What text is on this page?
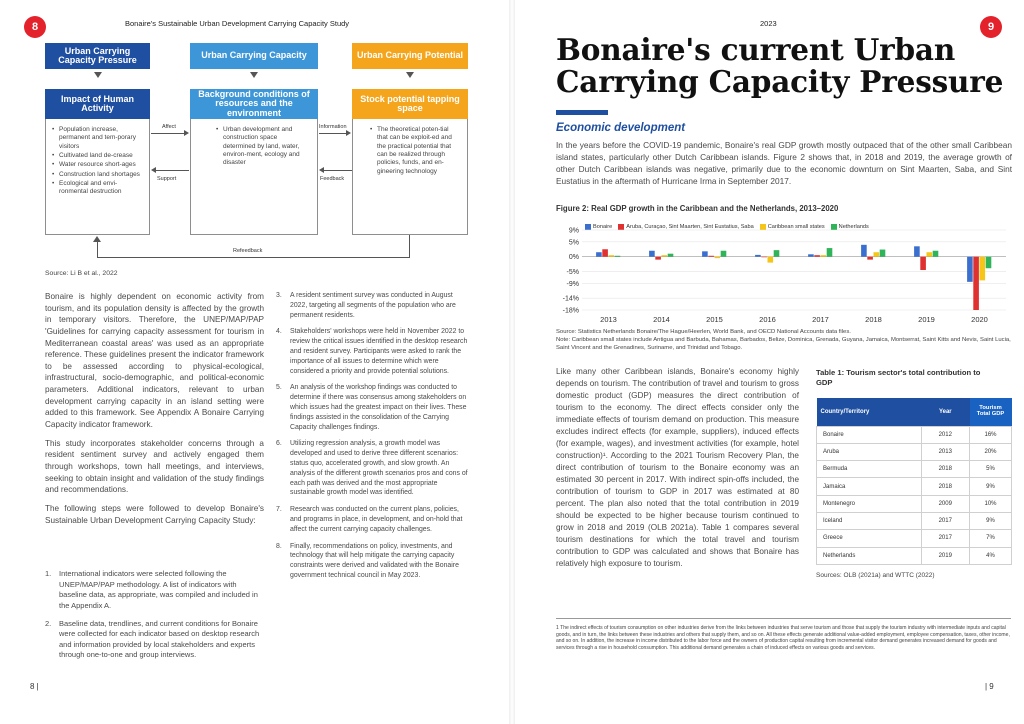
8	Bonaire's Sustainable Urban Development Carrying Capacity Study
Urban Carrying Capacity Pressure	Urban Carrying Capacity	Urban Carrying Potential
Impact of Human Activity
Background conditions of resources and the environment
Stock potential tapping space
• Population increase, permanent and tem-porary visitors
• Cultivated land de-crease
• Water resource short-ages
• Construction land shortages
• Ecological and envi-ronmental destruction
• Urban development and construction space determined by land, water, environ-ment, ecology and disaster
• The theoretical poten-tial that can be exploit-ed and the practical potential that can be realized through policies, funds, and en-gineering technology
Affect
Support
Information
Feedback
Refeedback
Source: Li B et al., 2022

Bonaire is highly dependent on economic activity from tourism, and its population density is affected by the growth in temporary visitors. Therefore, the UNEP/MAP/PAP 'Guidelines for carrying capacity assessment for tourism in Mediterranean coastal areas' was used as an appropriate reference. These guidelines present the indicator framework to be assessed according to physical-ecological, infrastructural, socio-demographic, and political-economic parameters. Additional indicators, relevant to urban development carrying capacity in an island setting were added to this framework. See Appendix A Bonaire Carrying Capacity indicator framework.

This study incorporates stakeholder concerns through a resident sentiment survey and actively engaged them through workshops, town hall meetings, and interviews, seeking to obtain insight and validation of the study findings and recommendations.

The following steps were followed to develop Bonaire's Sustainable Urban Development Carrying Capacity Study:

1. International indicators were selected following the UNEP/MAP/PAP methodology. A list of indicators with baseline data, as appropriate, was compiled and included in the Appendix A.
2. Baseline data, trendlines, and current conditions for Bonaire were collected for each indicator based on desktop research and information provided by local stakeholders and experts through one-to-one and group interviews.
3. A resident sentiment survey was conducted in August 2022, targeting all segments of the population who are permanent residents.
4. Stakeholders' workshops were held in November 2022 to review the critical issues identified in the desktop research and resident survey. Participants were asked to rank the importance of all issues to determine which were considered a priority and provide potential solutions.
5. An analysis of the workshop findings was conducted to determine if there was consensus among stakeholders on which issues had the greatest impact on their lives. These findings assisted in the consolidation of the Carrying Capacity challenges findings.
6. Utilizing regression analysis, a growth model was developed and used to derive three different scenarios: status quo, accelerated growth, and slow growth. An analysis of the different growth scenarios pros and cons of each path was derived and the most appropriate sustainable growth model was identified.
7. Research was conducted on the current plans, policies, and programs in place, in development, and on-hold that affect the current carrying capacity challenges.
8. Finally, recommendations on policy, investments, and technology that will help mitigate the carrying capacity constraints were derived and validated with the Bonaire government technical council in May 2023.
8 |
2023	9
Bonaire's current Urban Carrying Capacity Pressure
Economic development
In the years before the COVID-19 pandemic, Bonaire's real GDP growth mostly outpaced that of the other small Caribbean island states, particularly other Dutch Caribbean islands. Figure 2 shows that, in 2018 and 2019, the average growth of other Dutch Caribbean islands was negative, primarily due to the economic downturn on Sint Maarten, Saba, and Sint Eustatius in the aftermath of Hurricane Irma in September 2017.
Figure 2: Real GDP growth in the Caribbean and the Netherlands, 2013–2020
Bonaire	Aruba, Curaçao, Sint Maarten, Sint Eustatius, Saba	Caribbean small states	Netherlands
9%
5%
0%
-5%
-9%
-14%
-18%
2013	2014	2015	2016	2017	2018	2019	2020
Source: Statistics Netherlands Bonaire/The Hague/Heerlen, World Bank, and OECD National Accounts data files.
Note: Caribbean small states include Antigua and Barbuda, Bahamas, Barbados, Belize, Dominica, Grenada, Guyana, Jamaica, Montserrat, Saint Kitts and Nevis, Saint Lucia, Saint Vincent and the Grenadines, Suriname, and Trinidad and Tobago.
Like many other Caribbean islands, Bonaire's economy highly depends on tourism. The contribution of travel and tourism to gross domestic product (GDP) measures the direct contribution of tourism to the economy. The direct effects consider only the immediate effects of tourism demand on production. This measure excludes indirect effects (for example, suppliers), induced effects (for example, wages), and investment activities (for example, hotel construction)¹. According to the 2021 Tourism Recovery Plan, the direct contribution of tourism to the Bonaire economy was an estimated 30 percent in 2017. With indirect spin-offs included, the contribution of tourism to GDP in 2017 was estimated at 80 percent. The plan also noted that the total contribution in 2019 should be expected to be higher because tourism continued to grow in 2018 and 2019 (OLB 2021a). Table 1 compares several tourism destinations for which the total travel and tourism contribution to GDP was calculated and shows that Bonaire has relatively high exposure to tourism.
Table 1: Tourism sector's total contribution to GDP
Country/Territory	Year	Tourism Total GDP
Bonaire	2012	16%
Aruba	2013	20%
Bermuda	2018	5%
Jamaica	2018	9%
Montenegro	2009	10%
Iceland	2017	9%
Greece	2017	7%
Netherlands	2019	4%
Sources: OLB (2021a) and WTTC (2022)
1 The indirect effects of tourism consumption on other industries derive from the links between industries that serve tourism and those that supply the tourism industry with intermediate inputs and capital goods, and in turn, the links between these industries and others that supply them, and so on. All these effects generate additional value-added employment, employee compensation, taxes, other income, and so on. In addition, the increase in income distributed to the labor force and the owners of production capital resulting from incremental visitor demand generates increased demand for goods and services through a rise in household consumption. This additional demand generates a chain of induced effects on various goods and services.
| 9
